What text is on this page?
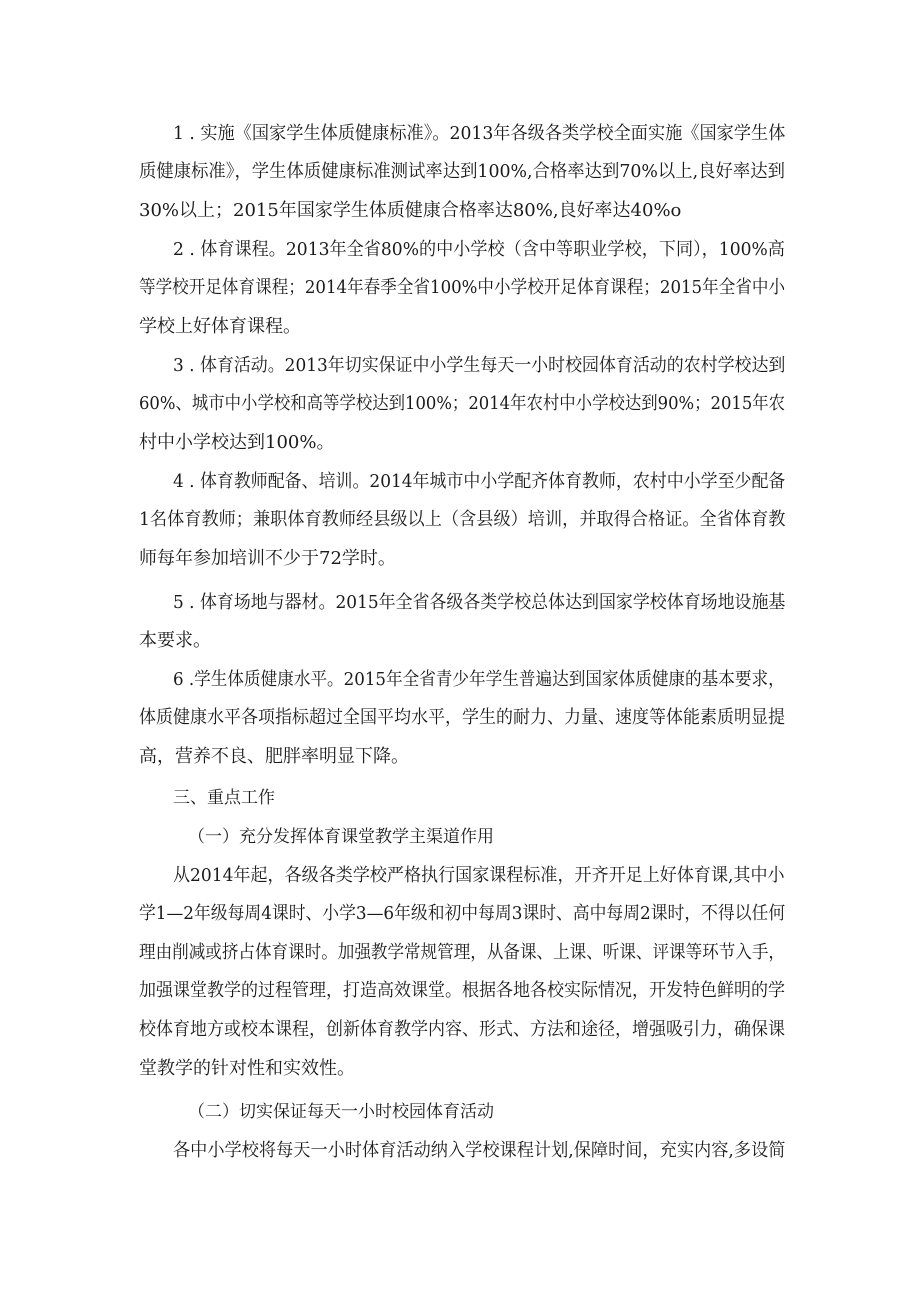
1 . 实施《国家学生体质健康标准》。2013年各级各类学校全面实施《国家学生体
质健康标准》，学生体质健康标准测试率达到100%,合格率达到70%以上,良好率达到
30%以上；2015年国家学生体质健康合格率达80%,良好率达40%o
2 . 体育课程。2013年全省80%的中小学校（含中等职业学校，下同），100%高
等学校开足体育课程；2014年春季全省100%中小学校开足体育课程；2015年全省中小
学校上好体育课程。
3 . 体育活动。2013年切实保证中小学生每天一小时校园体育活动的农村学校达到
60%、城市中小学校和高等学校达到100%；2014年农村中小学校达到90%；2015年农
村中小学校达到100%。
4 . 体育教师配备、培训。2014年城市中小学配齐体育教师，农村中小学至少配备
1名体育教师；兼职体育教师经县级以上（含县级）培训，并取得合格证。全省体育教
师每年参加培训不少于72学时。
5 . 体育场地与器材。2015年全省各级各类学校总体达到国家学校体育场地设施基
本要求。
6 .学生体质健康水平。2015年全省青少年学生普遍达到国家体质健康的基本要求，
体质健康水平各项指标超过全国平均水平，学生的耐力、力量、速度等体能素质明显提
高，营养不良、肥胖率明显下降。
三、重点工作
（一）充分发挥体育课堂教学主渠道作用
从2014年起，各级各类学校严格执行国家课程标准，开齐开足上好体育课,其中小
学1—2年级每周4课时、小学3—6年级和初中每周3课时、高中每周2课时，不得以任何
理由削减或挤占体育课时。加强教学常规管理，从备课、上课、听课、评课等环节入手，
加强课堂教学的过程管理，打造高效课堂。根据各地各校实际情况，开发特色鲜明的学
校体育地方或校本课程，创新体育教学内容、形式、方法和途径，增强吸引力，确保课
堂教学的针对性和实效性。
（二）切实保证每天一小时校园体育活动
各中小学校将每天一小时体育活动纳入学校课程计划,保障时间，充实内容,多设简
